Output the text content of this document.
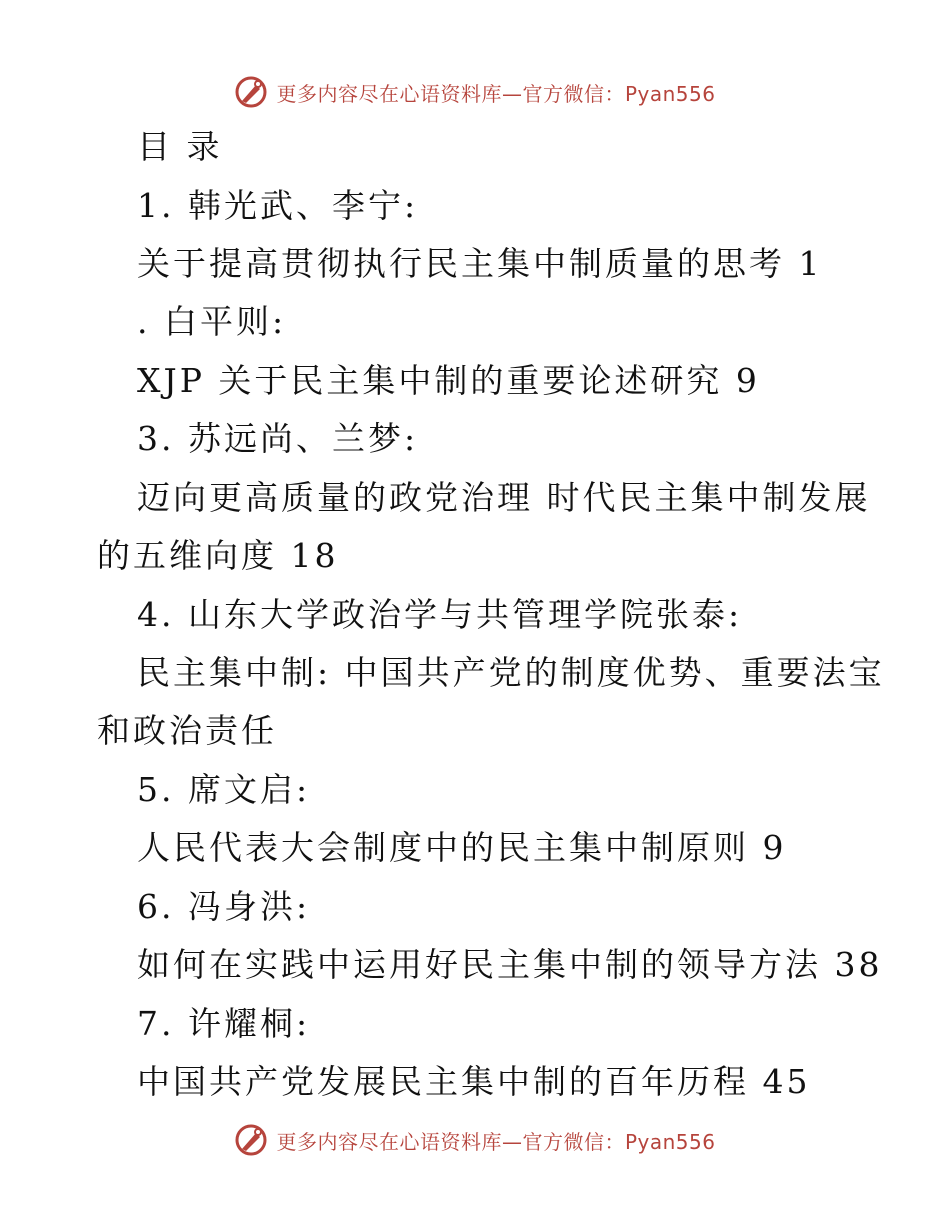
更多内容尽在心语资料库—官方微信：Pyan556
目 录
1. 韩光武、李宁:
关于提高贯彻执行民主集中制质量的思考 1
. 白平则:
XJP 关于民主集中制的重要论述研究 9
3. 苏远尚、兰梦:
迈向更高质量的政党治理 时代民主集中制发展
的五维向度 18
4. 山东大学政治学与共管理学院张泰:
民主集中制: 中国共产党的制度优势、重要法宝
和政治责任
5. 席文启:
人民代表大会制度中的民主集中制原则 9
6. 冯身洪:
如何在实践中运用好民主集中制的领导方法 38
7. 许耀桐:
中国共产党发展民主集中制的百年历程 45
更多内容尽在心语资料库—官方微信：Pyan556
